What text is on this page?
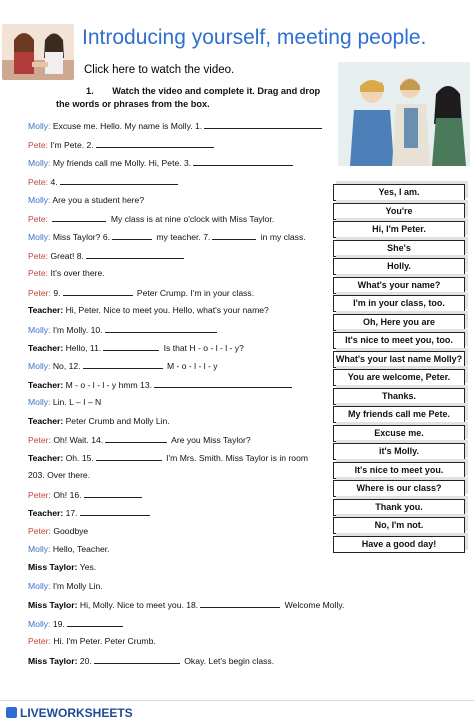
Introducing yourself, meeting people.
Click here to watch the video.
1. Watch the video and complete it. Drag and drop the words or phrases from the box.
Molly: Excuse me. Hello. My name is Molly. 1.
Pete: I'm Pete. 2.
Molly: My friends call me Molly. Hi, Pete. 3.
Pete: 4.
Molly: Are you a student here?
Pete:	My class is at nine o'clock with Miss Taylor.
Molly: Miss Taylor? 6.	my teacher. 7.	in my class.
Pete: Great! 8.
Pete: It's over there.
Peter: 9.	Peter Crump. I'm in your class.
Teacher: Hi, Peter. Nice to meet you. Hello, what's your name?
Molly: I'm Molly. 10.
Teacher: Hello, 11.	Is that H - o - l - l - y?
Molly: No, 12.	M - o - l - l - y
Teacher: M - o - l - l - y hmm 13.
Molly: Lin. L – I – N
Teacher: Peter Crumb and Molly Lin.
Peter: Oh! Wait. 14.	Are you Miss Taylor?
Teacher: Oh. 15.	I'm Mrs. Smith. Miss Taylor is in room
203. Over there.
Peter: Oh! 16.
Teacher: 17.
Peter: Goodbye
Molly: Hello, Teacher.
Miss Taylor: Yes.
Molly: I'm Molly Lin.
Miss Taylor: Hi, Molly. Nice to meet you. 18.	Welcome Molly.
Molly: 19.
Peter: Hi. I'm Peter. Peter Crumb.
Miss Taylor: 20.	Okay. Let's begin class.
Yes, I am.
You're
Hi, I'm Peter.
She's
Holly.
What's your name?
I'm in your class, too.
Oh, Here you are
It's nice to meet you, too.
What's your last name Molly?
You are welcome, Peter.
Thanks.
My friends call me Pete.
Excuse me.
it's Molly.
It's nice to meet you.
Where is our class?
Thank you.
No, I'm not.
Have a good day!
LIVEWORKSHEETS
